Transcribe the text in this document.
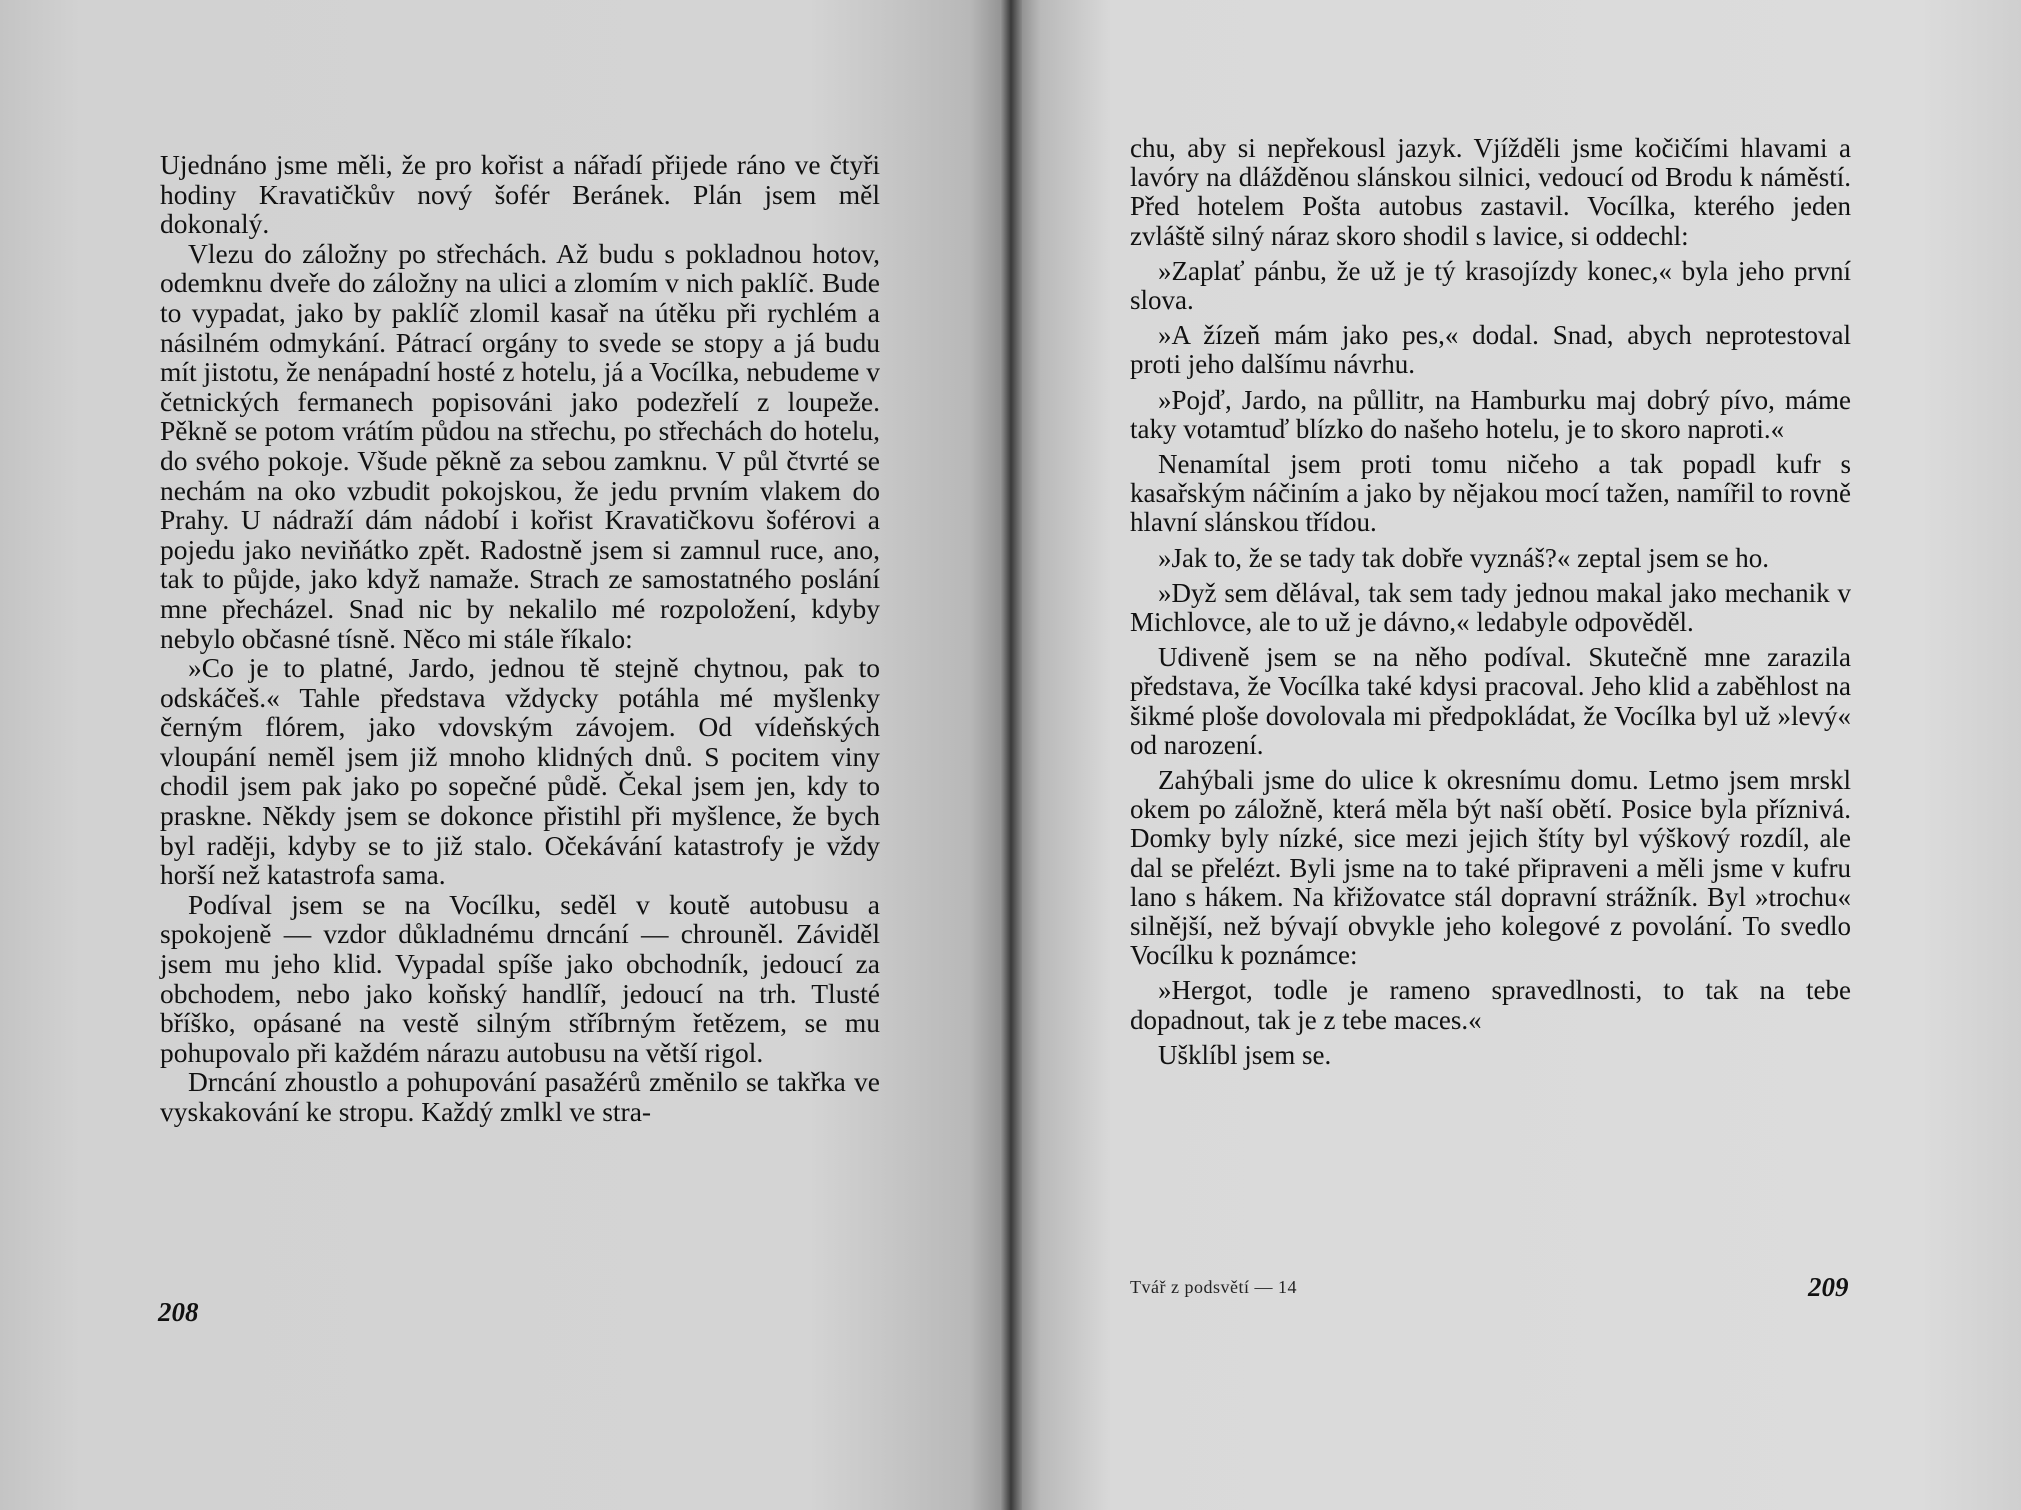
Ujednáno jsme měli, že pro kořist a nářadí přijede ráno ve čtyři hodiny Kravatičkův nový šofér Beránek. Plán jsem měl dokonalý.

Vlezu do záložny po střechách. Až budu s pokladnou hotov, odemknu dveře do záložny na ulici a zlomím v nich paklíč. Bude to vypadat, jako by paklíč zlomil kasař na útěku při rychlém a násilném odmykání. Pátrací orgány to svede se stopy a já budu mít jistotu, že nenápadní hosté z hotelu, já a Vocílka, nebudeme v četnických fermanech popisováni jako podezřelí z loupeže. Pěkně se potom vrátím půdou na střechu, po střechách do hotelu, do svého pokoje. Všude pěkně za sebou zamknu. V půl čtvrté se nechám na oko vzbudit pokojskou, že jedu prvním vlakem do Prahy. U nádraží dám nádobí i kořist Kravatičkovu šoférovi a pojedu jako neviňátko zpět. Radostně jsem si zamnul ruce, ano, tak to půjde, jako když namaže. Strach ze samostatného poslání mne přecházel. Snad nic by nekalilo mé rozpoložení, kdyby nebylo občasné tísně. Něco mi stále říkalo:

»Co je to platné, Jardo, jednou tě stejně chytnou, pak to odskáčeš.« Tahle představa vždycky potáhla mé myšlenky černým flórem, jako vdovským závojem. Od vídeňských vloupání neměl jsem již mnoho klidných dnů. S pocitem viny chodil jsem pak jako po sopečné půdě. Čekal jsem jen, kdy to praskne. Někdy jsem se dokonce přistihl při myšlence, že bych byl raději, kdyby se to již stalo. Očekávání katastrofy je vždy horší než katastrofa sama.

Podíval jsem se na Vocílku, seděl v koutě autobusu a spokojeně — vzdor důkladnému drncání — chrouněl. Záviděl jsem mu jeho klid. Vypadal spíše jako obchodník, jedoucí za obchodem, nebo jako koňský handlíř, jedoucí na trh. Tlusté bříško, opásané na vestě silným stříbrným řetězem, se mu pohupovalo při každém nárazu autobusu na větší rigol.

Drncání zhoustlo a pohupování pasažérů změnilo se takřka ve vyskakování ke stropu. Každý zmlkl ve stra-

208

chu, aby si nepřekousl jazyk. Vjížděli jsme kočičími hlavami a lavóry na dlážděnou slánskou silnici, vedoucí od Brodu k náměstí. Před hotelem Pošta autobus zastavil. Vocílka, kterého jeden zvláště silný náraz skoro shodil s lavice, si oddechl:

»Zaplať pánbu, že už je tý krasojízdy konec,« byla jeho první slova.

»A žízeň mám jako pes,« dodal. Snad, abych neprotestoval proti jeho dalšímu návrhu.

»Pojď, Jardo, na půllitr, na Hamburku maj dobrý pívo, máme taky votamtuď blízko do našeho hotelu, je to skoro naproti.«

Nenamítal jsem proti tomu ničeho a tak popadl kufr s kasařským náčiním a jako by nějakou mocí tažen, namířil to rovně hlavní slánskou třídou.

»Jak to, že se tady tak dobře vyznáš?« zeptal jsem se ho.

»Dyž sem dělával, tak sem tady jednou makal jako mechanik v Michlovce, ale to už je dávno,« ledabyle odpověděl.

Udiveně jsem se na něho podíval. Skutečně mne zarazila představa, že Vocílka také kdysi pracoval. Jeho klid a zaběhlost na šikmé ploše dovolovala mi předpokládat, že Vocílka byl už »levý« od narození.

Zahýbali jsme do ulice k okresnímu domu. Letmo jsem mrskl okem po záložně, která měla být naší obětí. Posice byla příznivá. Domky byly nízké, sice mezi jejich štíty byl výškový rozdíl, ale dal se přelézt. Byli jsme na to také připraveni a měli jsme v kufru lano s hákem. Na křižovatce stál dopravní strážník. Byl »trochu« silnější, než bývají obvykle jeho kolegové z povolání. To svedlo Vocílku k poznámce:

»Hergot, todle je rameno spravedlnosti, to tak na tebe dopadnout, tak je z tebe maces.«

Ušklíbl jsem se.

Tvář z podsvětí — 14	209
